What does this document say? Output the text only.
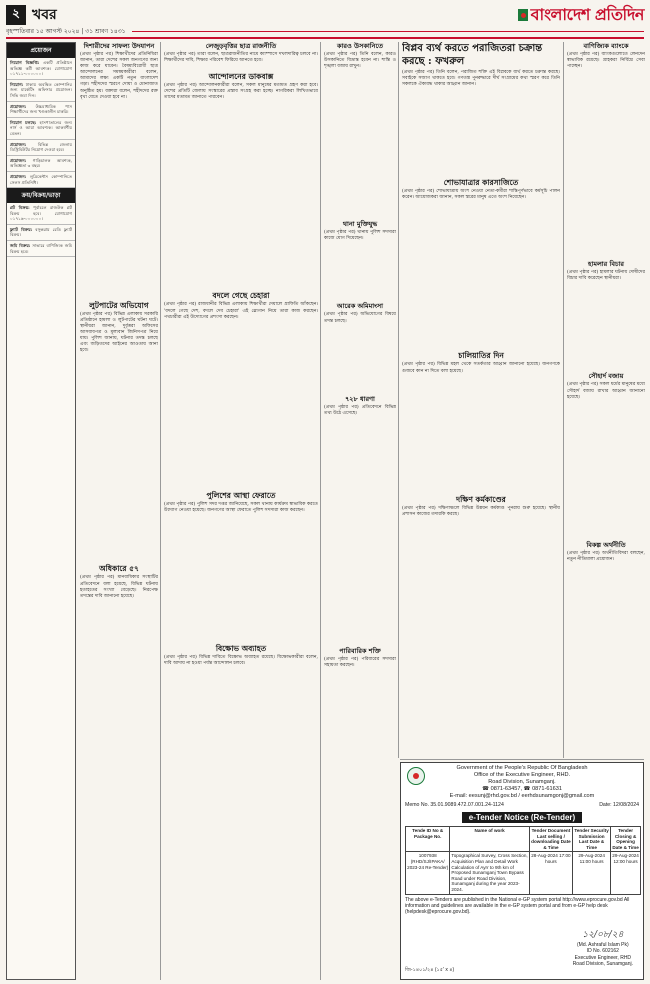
২ খবর	বাংলাদেশ প্রতিদিন
বৃহস্পতিবার ১৫ আগস্ট ২০২৪ | ৩১ শ্রাবণ ১৪৩১
প্রয়োজন
নিয়োগ বিজ্ঞপ্তি: একটি প্রতিষ্ঠানে অভিজ্ঞ কর্মী আবশ্যক। যোগাযোগ ০১৭১১-০০০০০০।
নিয়োগ: ঢাকায় অবস্থিত কোম্পানির জন্য মার্কেটিং অফিসার প্রয়োজন। সিভি জমা দিন।
প্রয়োজন: উচ্চমাধ্যমিক পাস শিক্ষার্থীদের জন্য খণ্ডকালীন চাকরি।
নিয়োগ চলছে: হাসপাতালের জন্য নার্স ও আয়া আবশ্যক। আকর্ষণীয় বেতন।
প্রয়োজন:	বিভিন্ন জেলায় ডিস্ট্রিবিউটর নিয়োগ দেওয়া হবে।
প্রয়োজন: গাড়িচালক আবশ্যক, অভিজ্ঞতা ৩ বছর।
প্রয়োজন: লুব্রিকেন্টস কোম্পানিতে সেলস প্রতিনিধি।
ক্রয়/বিক্রয়/ভাড়া
প্লট বিক্রয়: পূর্বাচলে রাজউক প্লট বিক্রয় হবে। যোগাযোগ ০১৭১৬-০০০০০০।
ফ্ল্যাট বিক্রয়: বসুন্ধরায় রেডি ফ্ল্যাট বিক্রয়।
জমি বিক্রয়: সাভারে বাণিজ্যিক জমি বিক্রয় হবে।
দিশারীদের সাফল্য উদযাপন

(প্রথম পৃষ্ঠার পর) শিক্ষার্থীদের প্রতিনিধিরা জানান, তারা দেশের সকল জনগণের জন্য কাজ করে যাবেন। বৈষম্যবিরোধী ছাত্র আন্দোলনের সমন্বয়কারীরা বলেন, আমাদের লক্ষ্য একটি নতুন বাংলাদেশ গড়া। শহীদদের স্মরণে দোয়া ও মোনাজাত অনুষ্ঠিত হয়। বক্তারা বলেন, শহীদদের রক্ত বৃথা যেতে দেওয়া হবে না।

লুটপাটের অভিযোগ

(প্রথম পৃষ্ঠার পর) বিভিন্ন এলাকায় সরকারি প্রতিষ্ঠানে হামলা ও লুটপাটের ঘটনা ঘটে। স্থানীয়রা জানান, দুর্বৃত্তরা অফিসের আসবাবপত্র ও মূল্যবান জিনিসপত্র নিয়ে যায়। পুলিশ জানায়, ঘটনার তদন্ত চলছে এবং জড়িতদের আইনের আওতায় আনা হবে।

অধিকারে ৫৭

(প্রথম পৃষ্ঠার পর) মানবাধিকার সংস্থাটির প্রতিবেদনে বলা হয়েছে, বিভিন্ন ঘটনায় হতাহতের সংখ্যা বেড়েছে। নিরপেক্ষ তদন্তের দাবি জানানো হয়েছে।

লেজুড়বৃত্তির ছাত্র রাজনীতি

(প্রথম পৃষ্ঠার পর) তারা বলেন, ছাত্ররাজনীতির নামে ক্যাম্পাসে দখলদারিত্ব চলবে না। শিক্ষার্থীদের দাবি, শিক্ষার পরিবেশ ফিরিয়ে আনতে হবে।

আন্দোলনের ডাকবাক্স

(প্রথম পৃষ্ঠার পর) আন্দোলনকারীরা বলেন, সকল মানুষের মতামত গ্রহণ করা হবে। দেশের প্রতিটি জেলায় সংস্কারের প্রস্তাব সংগ্রহ করা হচ্ছে। নাগরিকরা লিখিতভাবে তাদের মতামত জানাতে পারবেন।

বদলে গেছে চেহারা

(প্রথম পৃষ্ঠার পর) রাজধানীর বিভিন্ন এলাকায় শিক্ষার্থীরা দেয়ালে গ্রাফিতি আঁকছেন। 'বদলে গেছে দেশ, বদলে দেব চেহারা' এই স্লোগান নিয়ে তারা কাজ করছেন। পথচারীরা এই উদ্যোগের প্রশংসা করছেন।

পুলিশের আস্থা ফেরাতে

(প্রথম পৃষ্ঠার পর) পুলিশ সদর দপ্তর জানিয়েছে, সকল থানায় কার্যক্রম স্বাভাবিক করতে উদ্যোগ নেওয়া হয়েছে। জনগণের আস্থা ফেরাতে পুলিশ সদস্যরা কাজ করছেন।

বিক্ষোভ অব্যাহত

(প্রথম পৃষ্ঠার পর) বিভিন্ন দাবিতে বিক্ষোভ অব্যাহত রয়েছে। বিক্ষোভকারীরা বলেন, দাবি আদায় না হওয়া পর্যন্ত আন্দোলন চলবে।

কারও উসকানিতে

(প্রথম পৃষ্ঠার পর) তিনি বলেন, কারও উসকানিতে বিভ্রান্ত হবেন না। শান্তি ও শৃঙ্খলা বজায় রাখুন।

থানা মুক্তিযুদ্ধ

(প্রথম পৃষ্ঠার পর) থানায় পুলিশ সদস্যরা কাজে যোগ দিয়েছেন।

আরেক অমিমাংসা

(প্রথম পৃষ্ঠার পর) অভিযোগের বিষয়ে তদন্ত চলছে।

৭২৮ ধারণা

(প্রথম পৃষ্ঠার পর) প্রতিবেদনে বিভিন্ন তথ্য উঠে এসেছে।

পারিবারিক শক্তি

(প্রথম পৃষ্ঠার পর) পরিবারের সদস্যরা সহায়তা করছেন।

বিপ্লব ব্যর্থ করতে পরাজিতরা চক্রান্ত করছে : ফখরুল

(প্রথম পৃষ্ঠার পর) তিনি বলেন, পরাজিত শক্তি এই বিপ্লবকে ব্যর্থ করতে চক্রান্ত করছে। সবাইকে সজাগ থাকতে হবে। গণতন্ত্র পুনরুদ্ধারে দীর্ঘ সংগ্রামের কথা স্মরণ করে তিনি সকলকে ঐক্যবদ্ধ থাকার আহ্বান জানান।

শোভাযাত্রার কারসাজিতে

(প্রথম পৃষ্ঠার পর) শোভাযাত্রায় অংশ নেওয়া নেতা-কর্মীরা শান্তিপূর্ণভাবে কর্মসূচি পালন করেন। আয়োজকরা জানান, সকল স্তরের মানুষ এতে অংশ নিয়েছেন।

চালিয়াতির দিন

(প্রথম পৃষ্ঠার পর) বিভিন্ন মহল থেকে সতর্কতার আহ্বান জানানো হয়েছে। জনগণকে গুজবে কান না দিতে বলা হয়েছে।

দক্ষিণ কর্মকাণ্ডের

(প্রথম পৃষ্ঠার পর) দক্ষিণাঞ্চলে বিভিন্ন উন্নয়ন কর্মকাণ্ড পুনরায় শুরু হয়েছে। স্থানীয় প্রশাসন কাজের তদারকি করছে।

বাণিজ্যিক ব্যাংকে

(প্রথম পৃষ্ঠার পর) ব্যাংকগুলোতে লেনদেন স্বাভাবিক রয়েছে। গ্রাহকরা নির্বিঘ্নে সেবা পাচ্ছেন।

হামলার বিচার

(প্রথম পৃষ্ঠার পর) হামলার ঘটনায় দোষীদের বিচার দাবি করেছেন স্থানীয়রা।

সৌহার্দ বজায়

(প্রথম পৃষ্ঠার পর) সকল ধর্মের মানুষের মধ্যে সৌহার্দ বজায় রাখার আহ্বান জানানো হয়েছে।

বিকল্প অর্থনীতি

(প্রথম পৃষ্ঠার পর) অর্থনীতিবিদরা বলছেন, নতুন নীতিমালা প্রয়োজন।

Government of the People's Republic Of Bangladesh
Office of the Executive Engineer, RHD.
Road Division, Sunamganj.
☎ 0871-63457, ☎ 0871-61631
E-mail: eesunj@rhd.gov.bd / eerhdsunamgonj@gmail.com
Memo No. 35.01.9089.472.07.001.24-1124	Date: 12/08/2024
e-Tender Notice (Re-Tender)
Tende ID No & Package No.	Name of work	Tender Document Last selling / downloading Date & Time	Tender Security Submission Last Date & Time	Tender Closing & Opening Date & Time
1007938 (RHD/SJ/IPAKA/ 2023-24 Re-Tender)	Topographical Survey, Cross Section, Acquisition Plan and Detail Work Calculation of Ayrr to 9th km of Proposed Sunamganj Town Bypass Road under Road Division, Sunamganj during the year 2023-2024.	28-Aug-2024 17:00 hours	29-Aug-2024 11:00 hours	29-Aug-2024 12:00 hours
The above e-Tenders are published in the National e-GP system portal http://www.eprocure.gov.bd All information and guidelines are available in the e-GP system portal and from e-GP help desk (helpdesk@eprocure.gov.bd).
১২/০৮/২৪
(Md. Ashraful Islam Pk)
ID No. 602162
Executive Engineer, RHD
Road Division, Sunamganj.
জি-১৪০১/২৪ (১৫' x ৪)
